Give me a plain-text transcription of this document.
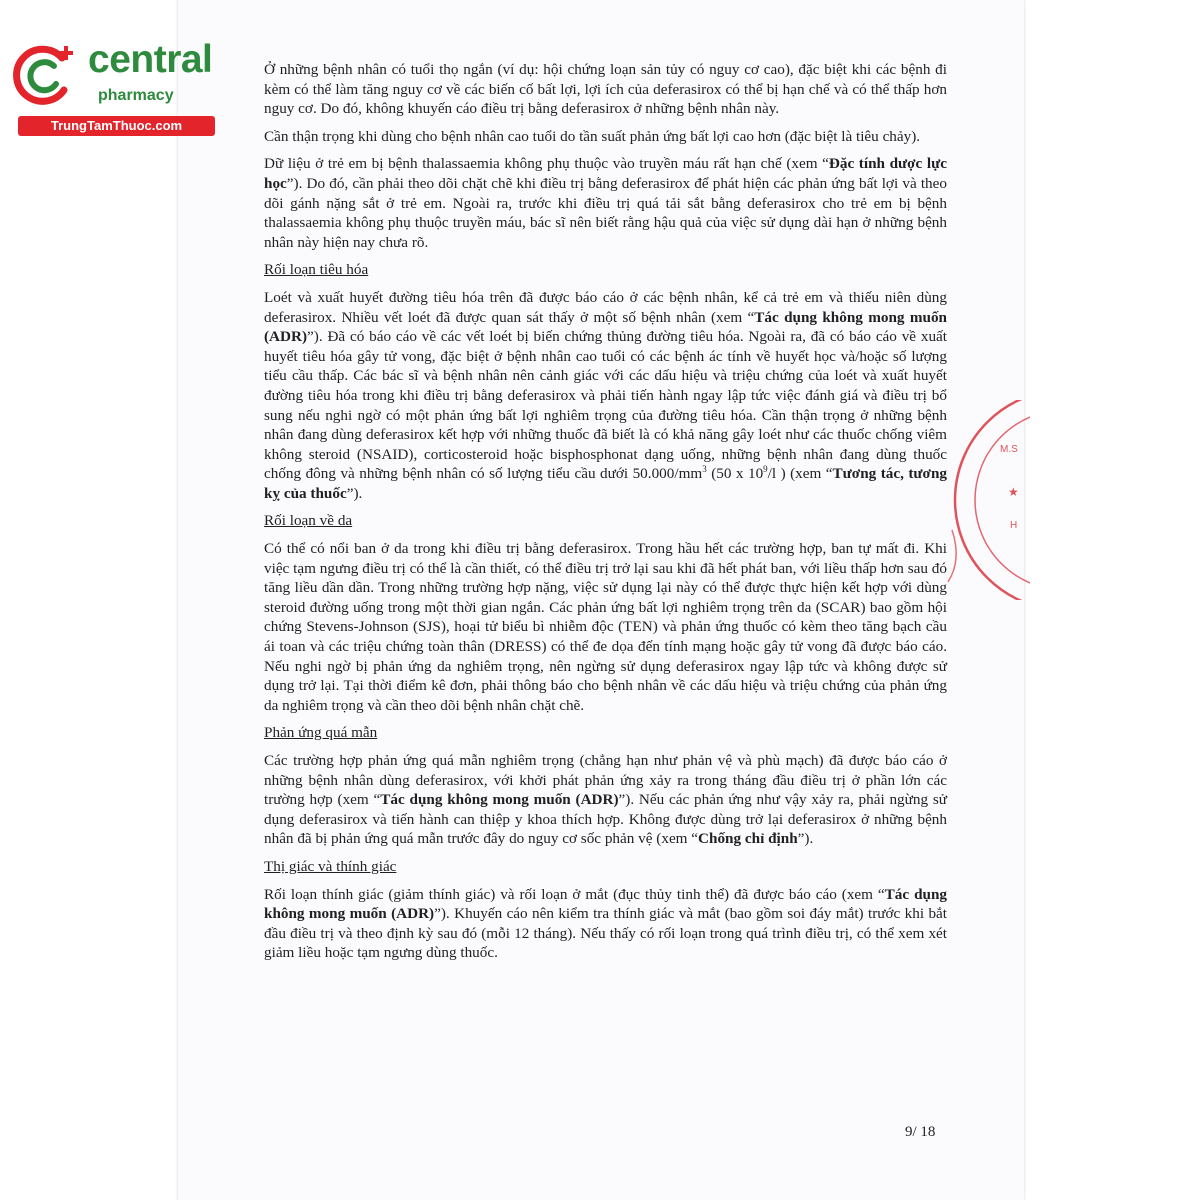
central
pharmacy
TrungTamThuoc.com

Ở những bệnh nhân có tuổi thọ ngắn (ví dụ: hội chứng loạn sản tủy có nguy cơ cao), đặc biệt khi các bệnh đi kèm có thể làm tăng nguy cơ về các biến cố bất lợi, lợi ích của deferasirox có thể bị hạn chế và có thể thấp hơn nguy cơ. Do đó, không khuyến cáo điều trị bằng deferasirox ở những bệnh nhân này.

Cần thận trọng khi dùng cho bệnh nhân cao tuổi do tần suất phản ứng bất lợi cao hơn (đặc biệt là tiêu chảy).

Dữ liệu ở trẻ em bị bệnh thalassaemia không phụ thuộc vào truyền máu rất hạn chế (xem “Đặc tính dược lực học”). Do đó, cần phải theo dõi chặt chẽ khi điều trị bằng deferasirox để phát hiện các phản ứng bất lợi và theo dõi gánh nặng sắt ở trẻ em. Ngoài ra, trước khi điều trị quá tải sắt bằng deferasirox cho trẻ em bị bệnh thalassaemia không phụ thuộc truyền máu, bác sĩ nên biết rằng hậu quả của việc sử dụng dài hạn ở những bệnh nhân này hiện nay chưa rõ.

Rối loạn tiêu hóa

Loét và xuất huyết đường tiêu hóa trên đã được báo cáo ở các bệnh nhân, kể cả trẻ em và thiếu niên dùng deferasirox. Nhiều vết loét đã được quan sát thấy ở một số bệnh nhân (xem “Tác dụng không mong muốn (ADR)”). Đã có báo cáo về các vết loét bị biến chứng thủng đường tiêu hóa. Ngoài ra, đã có báo cáo về xuất huyết tiêu hóa gây tử vong, đặc biệt ở bệnh nhân cao tuổi có các bệnh ác tính về huyết học và/hoặc số lượng tiểu cầu thấp. Các bác sĩ và bệnh nhân nên cảnh giác với các dấu hiệu và triệu chứng của loét và xuất huyết đường tiêu hóa trong khi điều trị bằng deferasirox và phải tiến hành ngay lập tức việc đánh giá và điều trị bổ sung nếu nghi ngờ có một phản ứng bất lợi nghiêm trọng của đường tiêu hóa. Cần thận trọng ở những bệnh nhân đang dùng deferasirox kết hợp với những thuốc đã biết là có khả năng gây loét như các thuốc chống viêm không steroid (NSAID), corticosteroid hoặc bisphosphonat dạng uống, những bệnh nhân đang dùng thuốc chống đông và những bệnh nhân có số lượng tiểu cầu dưới $50.000/mm^3$ (50 x $10^9/l$ ) (xem “Tương tác, tương kỵ của thuốc”).

Rối loạn về da

Có thể có nổi ban ở da trong khi điều trị bằng deferasirox. Trong hầu hết các trường hợp, ban tự mất đi. Khi việc tạm ngưng điều trị có thể là cần thiết, có thể điều trị trở lại sau khi đã hết phát ban, với liều thấp hơn sau đó tăng liều dần dần. Trong những trường hợp nặng, việc sử dụng lại này có thể được thực hiện kết hợp với dùng steroid đường uống trong một thời gian ngắn. Các phản ứng bất lợi nghiêm trọng trên da (SCAR) bao gồm hội chứng Stevens-Johnson (SJS), hoại tử biểu bì nhiễm độc (TEN) và phản ứng thuốc có kèm theo tăng bạch cầu ái toan và các triệu chứng toàn thân (DRESS) có thể đe dọa đến tính mạng hoặc gây tử vong đã được báo cáo. Nếu nghi ngờ bị phản ứng da nghiêm trọng, nên ngừng sử dụng deferasirox ngay lập tức và không được sử dụng trở lại. Tại thời điểm kê đơn, phải thông báo cho bệnh nhân về các dấu hiệu và triệu chứng của phản ứng da nghiêm trọng và cần theo dõi bệnh nhân chặt chẽ.

Phản ứng quá mẫn

Các trường hợp phản ứng quá mẫn nghiêm trọng (chẳng hạn như phản vệ và phù mạch) đã được báo cáo ở những bệnh nhân dùng deferasirox, với khởi phát phản ứng xảy ra trong tháng đầu điều trị ở phần lớn các trường hợp (xem “Tác dụng không mong muốn (ADR)”). Nếu các phản ứng như vậy xảy ra, phải ngừng sử dụng deferasirox và tiến hành can thiệp y khoa thích hợp. Không được dùng trở lại deferasirox ở những bệnh nhân đã bị phản ứng quá mẫn trước đây do nguy cơ sốc phản vệ (xem “Chống chỉ định”).

Thị giác và thính giác

Rối loạn thính giác (giảm thính giác) và rối loạn ở mắt (đục thủy tinh thể) đã được báo cáo (xem “Tác dụng không mong muốn (ADR)”). Khuyến cáo nên kiểm tra thính giác và mắt (bao gồm soi đáy mắt) trước khi bắt đầu điều trị và theo định kỳ sau đó (mỗi 12 tháng). Nếu thấy có rối loạn trong quá trình điều trị, có thể xem xét giảm liều hoặc tạm ngưng dùng thuốc.

9/ 18
M.S
★
H
